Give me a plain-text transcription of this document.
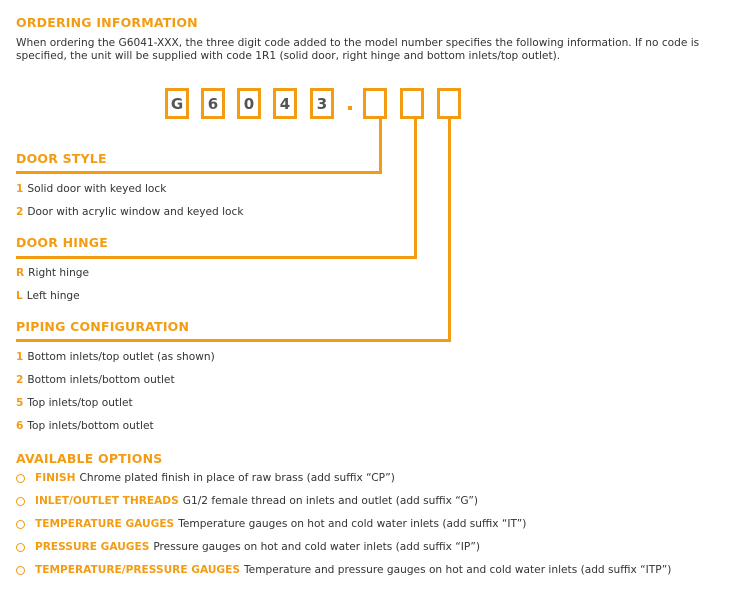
ORDERING INFORMATION
When ordering the G6041-XXX, the three digit code added to the model number specifies the following information. If no code is specified, the unit will be supplied with code 1R1 (solid door, right hinge and bottom inlets/top outlet).
G	6	0	4	3
DOOR STYLE
1 Solid door with keyed lock
2 Door with acrylic window and keyed lock
DOOR HINGE
R Right hinge
L Left hinge
PIPING CONFIGURATION
1 Bottom inlets/top outlet (as shown)
2 Bottom inlets/bottom outlet
5 Top inlets/top outlet
6 Top inlets/bottom outlet
AVAILABLE OPTIONS
FINISH Chrome plated finish in place of raw brass (add suffix “CP”)
INLET/OUTLET THREADS G1/2 female thread on inlets and outlet (add suffix “G”)
TEMPERATURE GAUGES Temperature gauges on hot and cold water inlets (add suffix “IT”)
PRESSURE GAUGES Pressure gauges on hot and cold water inlets (add suffix “IP”)
TEMPERATURE/PRESSURE GAUGES Temperature and pressure gauges on hot and cold water inlets (add suffix “ITP”)
